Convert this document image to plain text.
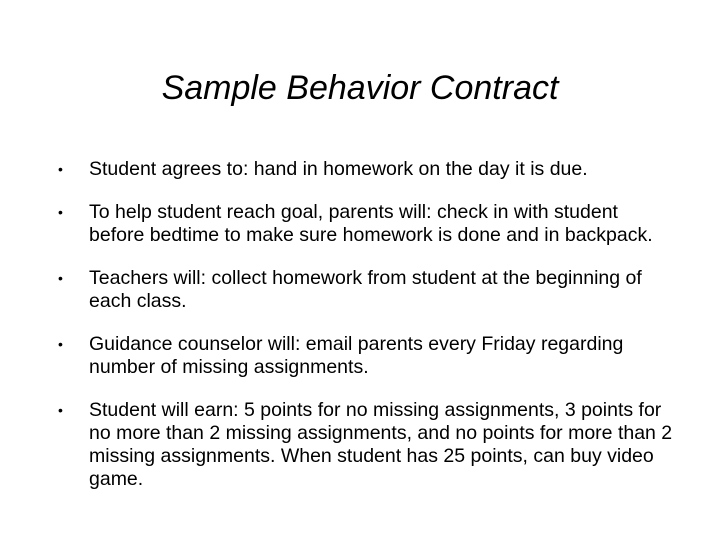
Sample Behavior Contract
•	Student agrees to: hand in homework on the day it is due.
•	To help student reach goal, parents will: check in with student before bedtime to make sure homework is done and in backpack.
•	Teachers will: collect homework from student at the beginning of each class.
•	Guidance counselor will: email parents every Friday regarding number of missing assignments.
•	Student will earn: 5 points for no missing assignments, 3 points for no more than 2 missing assignments, and no points for more than 2 missing assignments. When student has 25 points, can buy video game.
